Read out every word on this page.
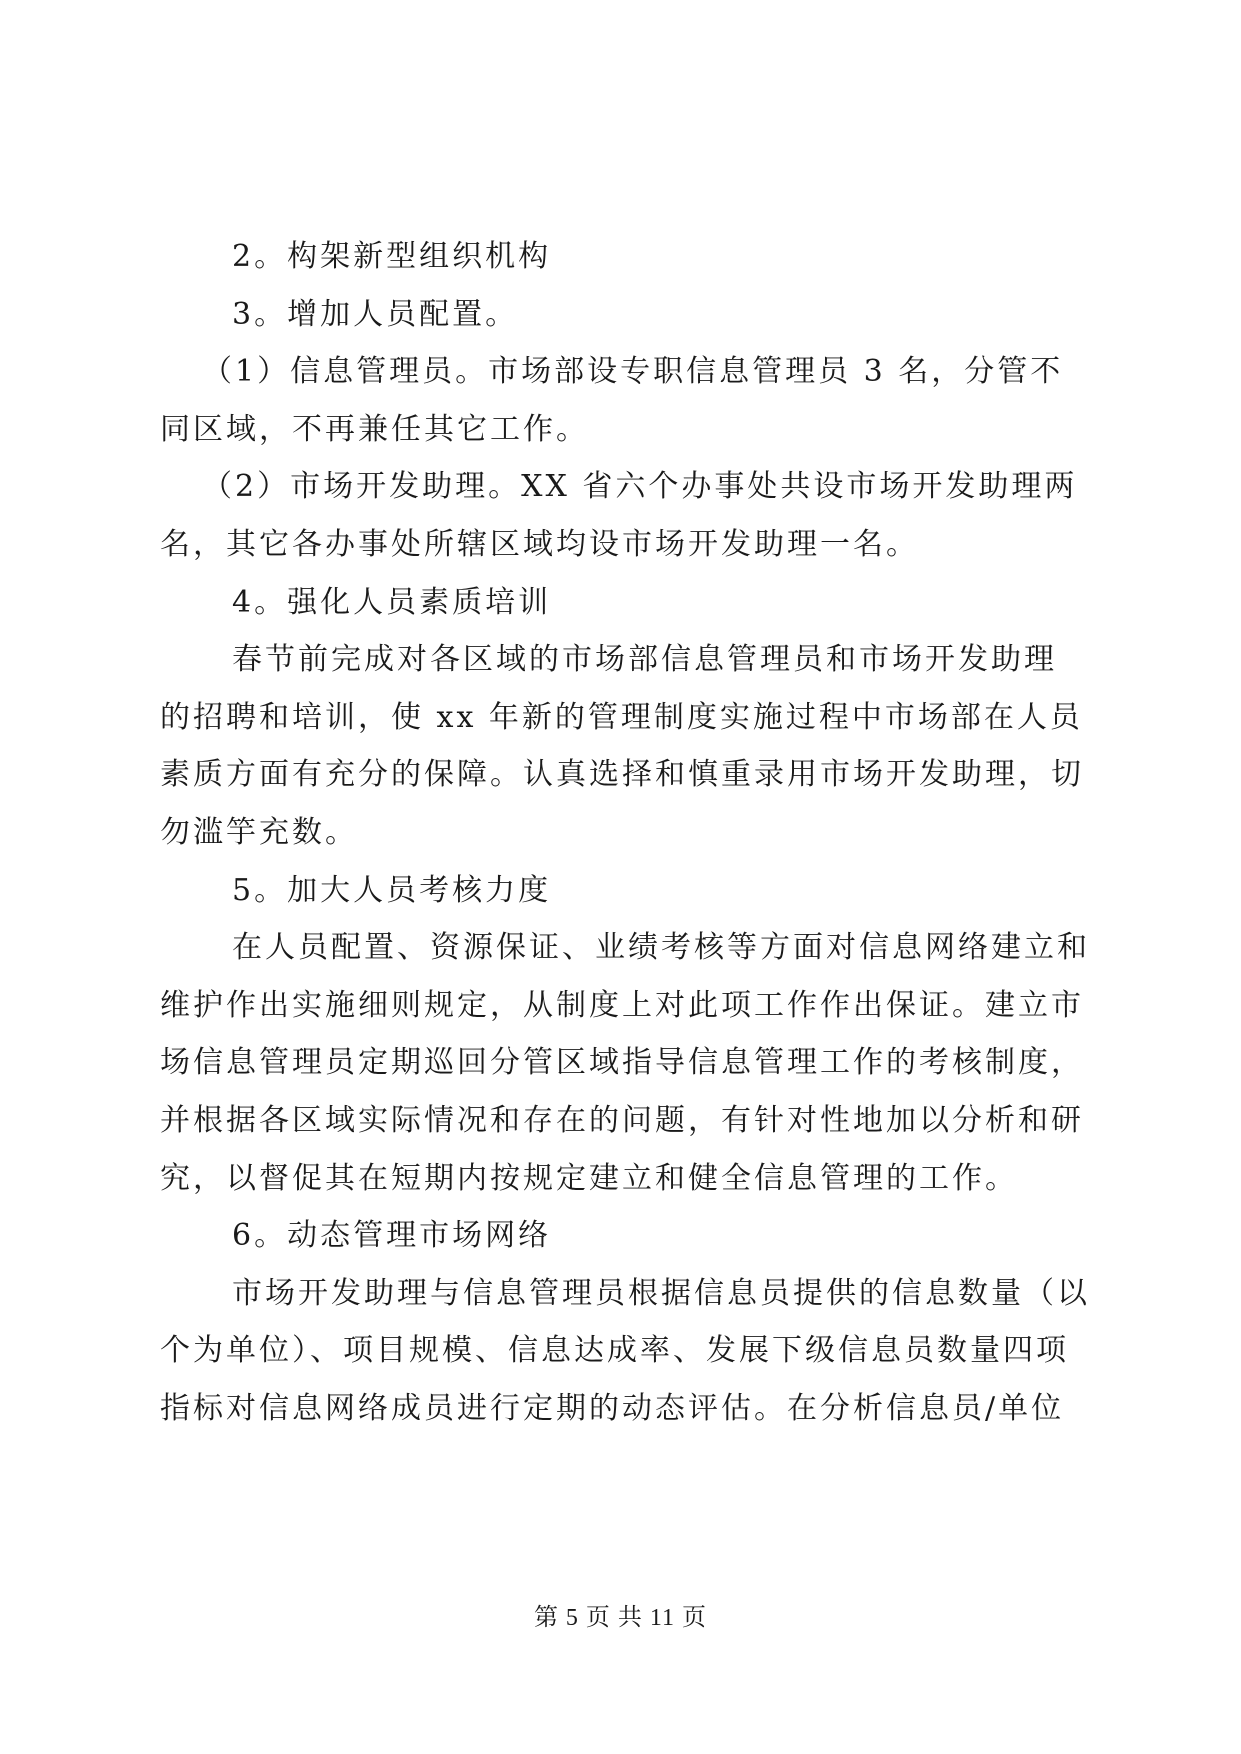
2。构架新型组织机构
3。增加人员配置。
（1）信息管理员。市场部设专职信息管理员 3 名，分管不
同区域，不再兼任其它工作。
（2）市场开发助理。XX 省六个办事处共设市场开发助理两
名，其它各办事处所辖区域均设市场开发助理一名。
4。强化人员素质培训
春节前完成对各区域的市场部信息管理员和市场开发助理
的招聘和培训，使 xx 年新的管理制度实施过程中市场部在人员
素质方面有充分的保障。认真选择和慎重录用市场开发助理，切
勿滥竽充数。
5。加大人员考核力度
在人员配置、资源保证、业绩考核等方面对信息网络建立和
维护作出实施细则规定，从制度上对此项工作作出保证。建立市
场信息管理员定期巡回分管区域指导信息管理工作的考核制度，
并根据各区域实际情况和存在的问题，有针对性地加以分析和研
究，以督促其在短期内按规定建立和健全信息管理的工作。
6。动态管理市场网络
市场开发助理与信息管理员根据信息员提供的信息数量（以
个为单位）、项目规模、信息达成率、发展下级信息员数量四项
指标对信息网络成员进行定期的动态评估。在分析信息员/单位
第 5 页 共 11 页
